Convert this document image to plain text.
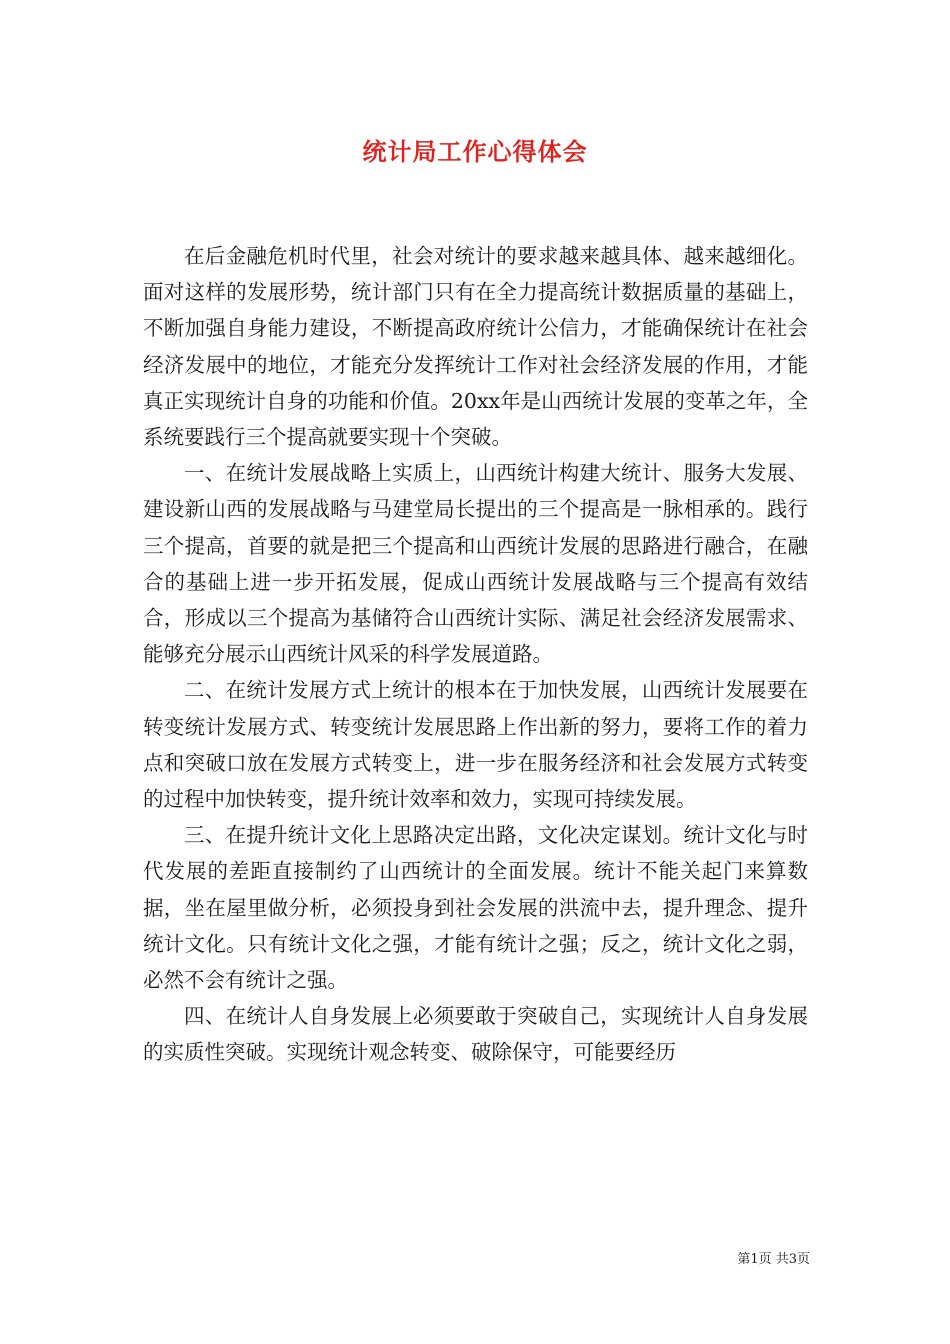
统计局工作心得体会

在后金融危机时代里，社会对统计的要求越来越具体、越来越细化。面对这样的发展形势，统计部门只有在全力提高统计数据质量的基础上，不断加强自身能力建设，不断提高政府统计公信力，才能确保统计在社会经济发展中的地位，才能充分发挥统计工作对社会经济发展的作用，才能真正实现统计自身的功能和价值。20xx年是山西统计发展的变革之年，全系统要践行三个提高就要实现十个突破。

一、在统计发展战略上实质上，山西统计构建大统计、服务大发展、建设新山西的发展战略与马建堂局长提出的三个提高是一脉相承的。践行三个提高，首要的就是把三个提高和山西统计发展的思路进行融合，在融合的基础上进一步开拓发展，促成山西统计发展战略与三个提高有效结合，形成以三个提高为基储符合山西统计实际、满足社会经济发展需求、能够充分展示山西统计风采的科学发展道路。

二、在统计发展方式上统计的根本在于加快发展，山西统计发展要在转变统计发展方式、转变统计发展思路上作出新的努力，要将工作的着力点和突破口放在发展方式转变上，进一步在服务经济和社会发展方式转变的过程中加快转变，提升统计效率和效力，实现可持续发展。

三、在提升统计文化上思路决定出路，文化决定谋划。统计文化与时代发展的差距直接制约了山西统计的全面发展。统计不能关起门来算数据，坐在屋里做分析，必须投身到社会发展的洪流中去，提升理念、提升统计文化。只有统计文化之强，才能有统计之强；反之，统计文化之弱，必然不会有统计之强。

四、在统计人自身发展上必须要敢于突破自己，实现统计人自身发展的实质性突破。实现统计观念转变、破除保守，可能要经历

第1页 共3页
